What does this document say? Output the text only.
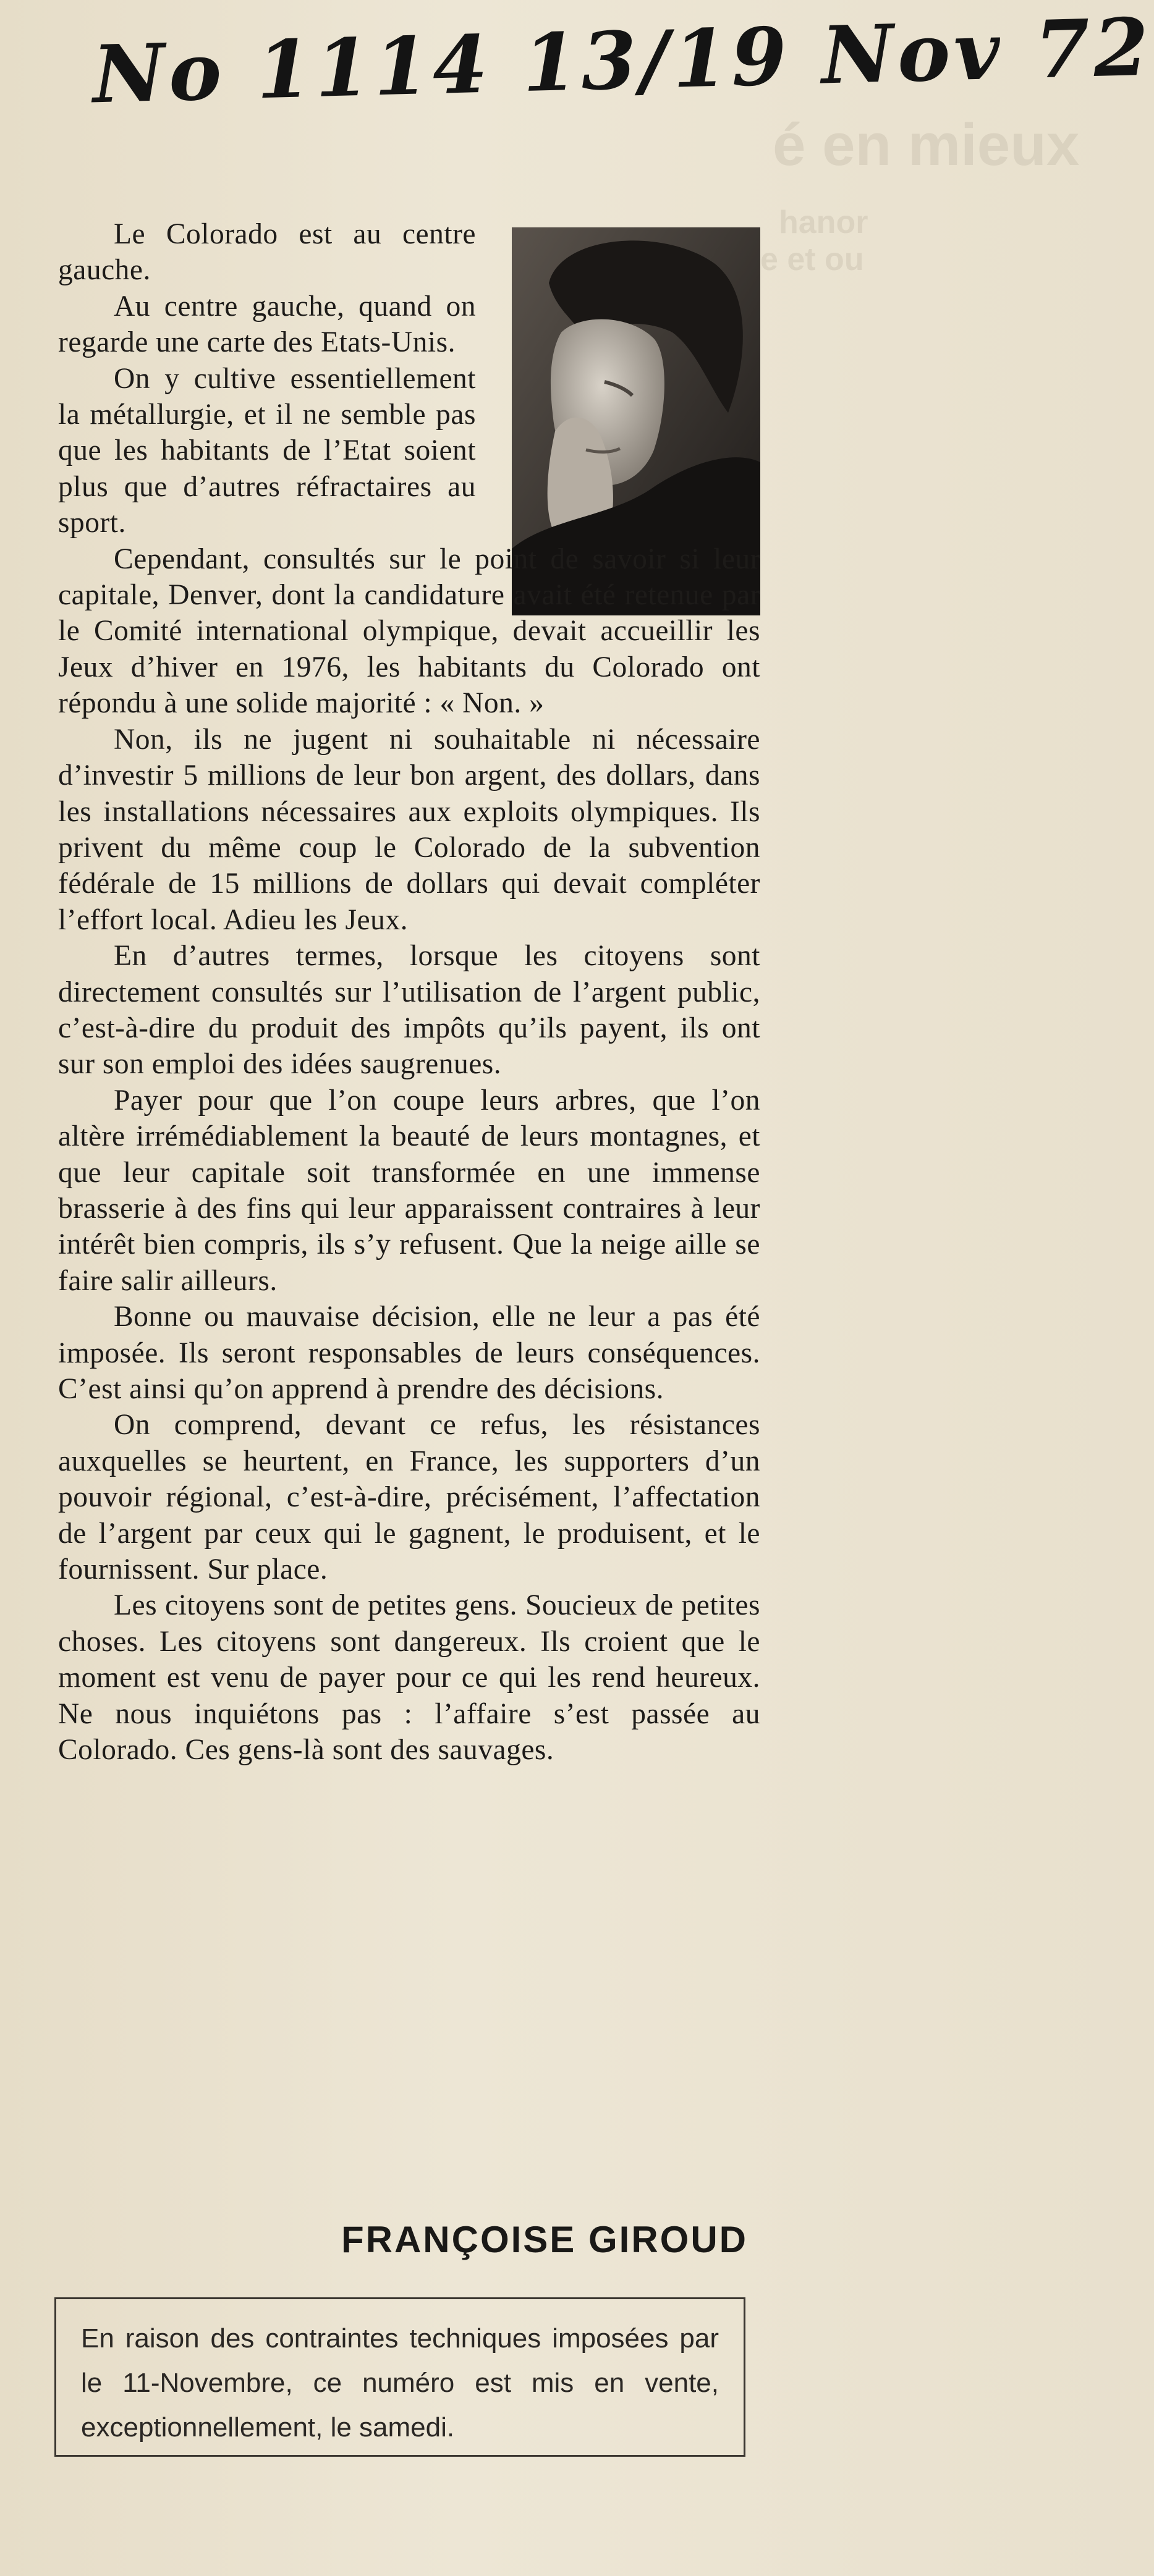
No 1114 13/19 Nov 72
é en mieux
hanor
e et ou

Le Colorado est au centre gauche.

Au centre gauche, quand on regarde une carte des Etats-Unis.

On y cultive essentiellement la métallurgie, et il ne semble pas que les habitants de l’Etat soient plus que d’autres réfractaires au sport.

Cependant, consultés sur le point de savoir si leur capitale, Denver, dont la candidature avait été retenue par le Comité international olympique, devait accueillir les Jeux d’hiver en 1976, les habitants du Colorado ont répondu à une solide majorité : « Non. »

Non, ils ne jugent ni souhaitable ni nécessaire d’investir 5 millions de leur bon argent, des dollars, dans les installations nécessaires aux exploits olympiques. Ils privent du même coup le Colorado de la subvention fédérale de 15 millions de dollars qui devait compléter l’effort local. Adieu les Jeux.

En d’autres termes, lorsque les citoyens sont directement consultés sur l’utilisation de l’argent public, c’est-à-dire du produit des impôts qu’ils payent, ils ont sur son emploi des idées saugrenues.

Payer pour que l’on coupe leurs arbres, que l’on altère irrémédiablement la beauté de leurs montagnes, et que leur capitale soit transformée en une immense brasserie à des fins qui leur apparaissent contraires à leur intérêt bien compris, ils s’y refusent. Que la neige aille se faire salir ailleurs.

Bonne ou mauvaise décision, elle ne leur a pas été imposée. Ils seront responsables de leurs conséquences. C’est ainsi qu’on apprend à prendre des décisions.

On comprend, devant ce refus, les résistances auxquelles se heurtent, en France, les supporters d’un pouvoir régional, c’est-à-dire, précisément, l’affectation de l’argent par ceux qui le gagnent, le produisent, et le fournissent. Sur place.

Les citoyens sont de petites gens. Soucieux de petites choses. Les citoyens sont dangereux. Ils croient que le moment est venu de payer pour ce qui les rend heureux. Ne nous inquiétons pas : l’affaire s’est passée au Colorado. Ces gens-là sont des sauvages.

FRANÇOISE GIROUD
En raison des contraintes techniques imposées par le 11-Novembre, ce numéro est mis en vente, exceptionnellement, le samedi.
